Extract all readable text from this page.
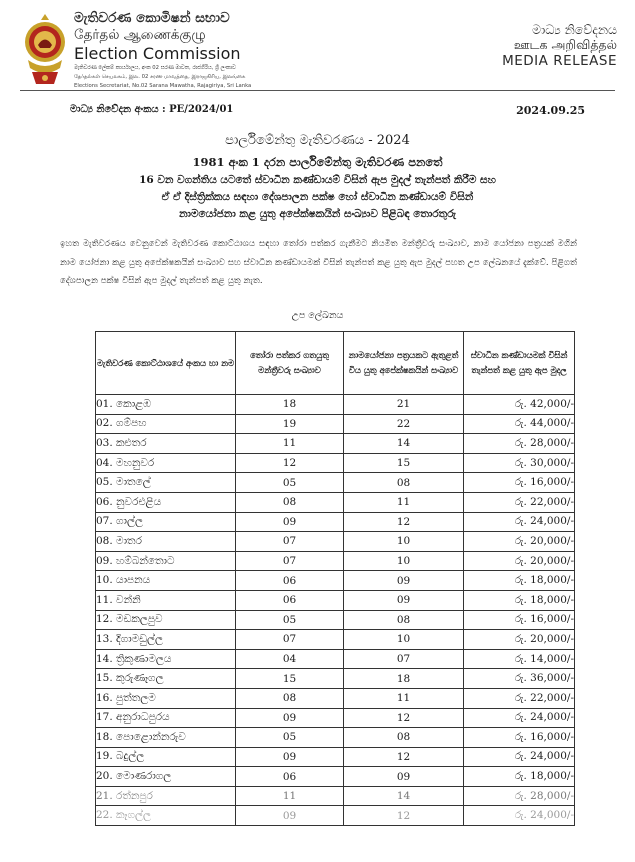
මැතිවරණ කොමිෂන් සභාව
தேர்தல் ஆணைக்குழு
Election Commission
මැතිවරණ ලේකම් කාර්යාලය, අංක 02 සරණ මාවත, රාජගිරිය, ශ්‍රී ලංකාව
தேர்தல்கள் செயலகம், இல. 02 சரண மாவத்தை, இராஜகிரிய, இலங்கை
Elections Secretariat, No.02 Sarana Mawatha, Rajagiriya, Sri Lanka
මාධ්‍ය නිවේදනය
ஊடக அறிவித்தல்
MEDIA RELEASE
මාධ්‍ය නිවේදන අංකය : PE/2024/01	2024.09.25
පාර්ලිමේන්තු මැතිවරණය - 2024
1981 අංක 1 දරන පාර්ලිමේන්තු මැතිවරණ පනතේ
16 වන වගන්තිය යටතේ ස්වාධීන කණ්ඩායම් විසින් ඇප මුදල් තැන්පත් කිරීම සහ
ඒ ඒ දිස්ත්‍රික්කය සඳහා දේශපාලන පක්ෂ හෝ ස්වාධීන කණ්ඩායම් විසින්
නාමයෝජනා කළ යුතු අපේක්ෂකයින් සංඛ්‍යාව පිළිබඳ තොරතුරු
ඉහත මැතිවරණය වෙනුවෙන් මැතිවරණ කොට්ඨාශය සඳහා තෝරා පත්කර ගැනීමට නියමිත මන්ත්‍රීවරු සංඛ්‍යාව, නාම යෝජනා පත්‍රයක් මගින් නාම යෝජනා කළ යුතු අපේක්ෂකයින් සංඛ්‍යාව සහ ස්වාධීන කණ්ඩායමක් විසින් තැන්පත් කළ යුතු ඇප මුදල් පහත උප ලේඛනයේ දැක්වේ. පිළිගත් දේශපාලන පක්ෂ විසින් ඇප මුදල් තැන්පත් කළ යුතු නැත.
උප ලේඛනය
මැතිවරණ කොට්ඨාශයේ අංකය හා නම	තෝරා පත්කර ගතයුතු මන්ත්‍රීවරු සංඛ්‍යාව	නාමයෝජනා පත්‍රයකට ඇතුළත් විය යුතු අපේක්ෂකයින් සංඛ්‍යාව	ස්වාධීන කණ්ඩායමක් විසින් තැන්පත් කළ යුතු ඇප මුදල
01. කොළඹ	18	21	රු. 42,000/-
02. ගම්පහ	19	22	රු. 44,000/-
03. කළුතර	11	14	රු. 28,000/-
04. මහනුවර	12	15	රු. 30,000/-
05. මාතලේ	05	08	රු. 16,000/-
06. නුවරඑළිය	08	11	රු. 22,000/-
07. ගාල්ල	09	12	රු. 24,000/-
08. මාතර	07	10	රු. 20,000/-
09. හම්බන්තොට	07	10	රු. 20,000/-
10. යාපනය	06	09	රු. 18,000/-
11. වන්නි	06	09	රු. 18,000/-
12. මඩකලපුව	05	08	රු. 16,000/-
13. දිගාමඩුල්ල	07	10	රු. 20,000/-
14. ත්‍රිකුණාමලය	04	07	රු. 14,000/-
15. කුරුණෑගල	15	18	රු. 36,000/-
16. පුත්තලම	08	11	රු. 22,000/-
17. අනුරාධපුරය	09	12	රු. 24,000/-
18. පොළොන්නරුව	05	08	රු. 16,000/-
19. බදුල්ල	09	12	රු. 24,000/-
20. මොණරාගල	06	09	රු. 18,000/-
21. රත්නපුර	11	14	රු. 28,000/-
22. කෑගල්ල	09	12	රු. 24,000/-
